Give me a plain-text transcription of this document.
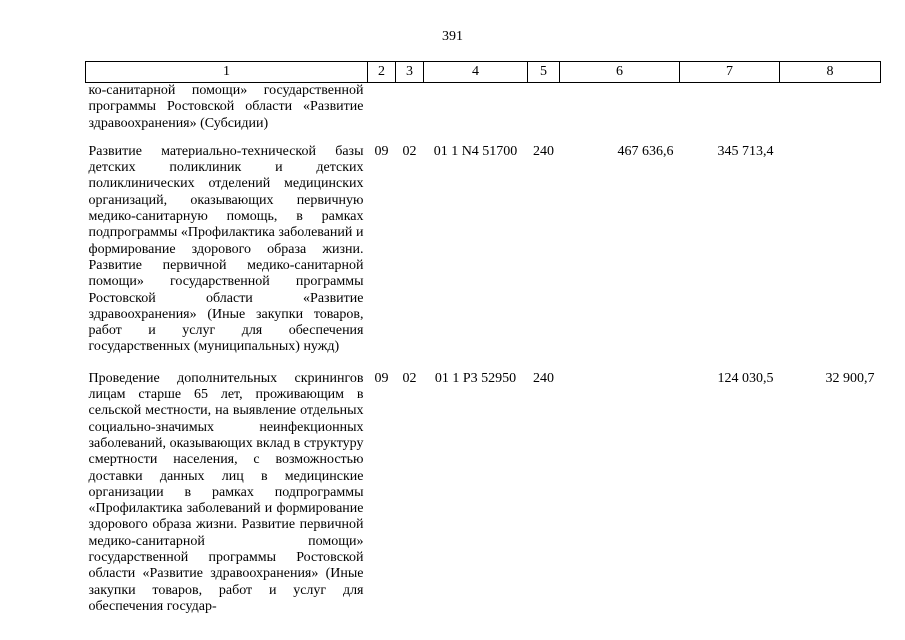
391
1	2	3	4	5	6	7	8
ко-санитарной помощи» государственной программы Ростовской области «Развитие здравоохранения» (Субсидии)							
Развитие материально-технической базы детских поликлиник и детских поликлинических отделений медицинских организаций, оказывающих первичную медико-санитарную помощь, в рамках подпрограммы «Профилактика заболеваний и формирование здорового образа жизни. Развитие первичной медико-санитарной помощи» государственной программы Ростовской области «Развитие здравоохранения» (Иные закупки товаров, работ и услуг для обеспечения государственных (муниципальных) нужд)	09	02	01 1 N4 51700	240	467 636,6	345 713,4	
Проведение дополнительных скринингов лицам старше 65 лет, проживающим в сельской местности, на выявление отдельных социально-значимых неинфекционных заболеваний, оказывающих вклад в структуру смертности населения, с возможностью доставки данных лиц в медицинские организации в рамках подпрограммы «Профилактика заболеваний и формирование здорового образа жизни. Развитие первичной медико-санитарной помощи» государственной программы Ростовской области «Развитие здравоохранения» (Иные закупки товаров, работ и услуг для обеспечения государ-	09	02	01 1 P3 52950	240		124 030,5	32 900,7
